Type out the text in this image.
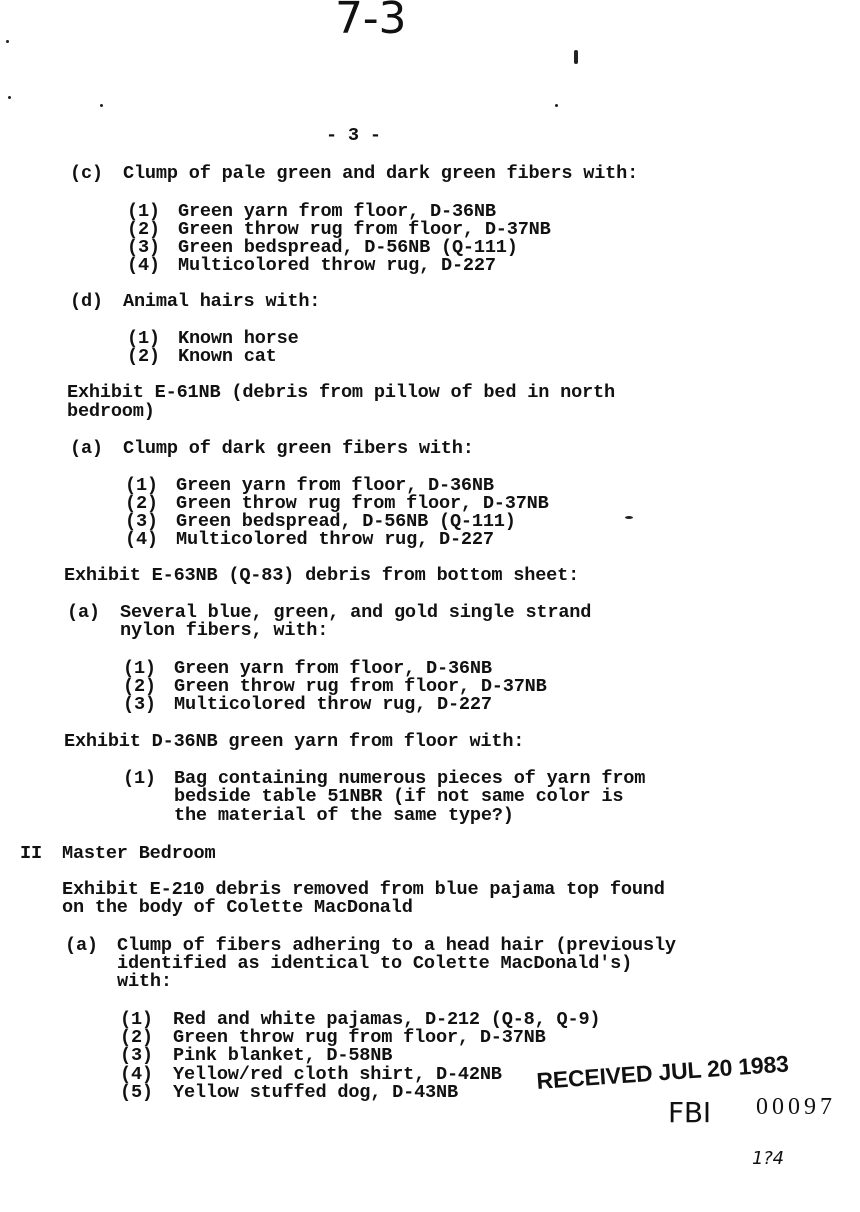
7-3
- 3 -
(c) Clump of pale green and dark green fibers with:
(1) Green yarn from floor, D-36NB
(2) Green throw rug from floor, D-37NB
(3) Green bedspread, D-56NB (Q-111)
(4) Multicolored throw rug, D-227
(d) Animal hairs with:
(1) Known horse
(2) Known cat
Exhibit E-61NB (debris from pillow of bed in north
bedroom)
(a) Clump of dark green fibers with:
(1) Green yarn from floor, D-36NB
(2) Green throw rug from floor, D-37NB
(3) Green bedspread, D-56NB (Q-111)
(4) Multicolored throw rug, D-227
Exhibit E-63NB (Q-83) debris from bottom sheet:
(a) Several blue, green, and gold single strand
nylon fibers, with:
(1) Green yarn from floor, D-36NB
(2) Green throw rug from floor, D-37NB
(3) Multicolored throw rug, D-227
Exhibit D-36NB green yarn from floor with:
(1) Bag containing numerous pieces of yarn from
bedside table 51NBR (if not same color is
the material of the same type?)
II Master Bedroom
Exhibit E-210 debris removed from blue pajama top found
on the body of Colette MacDonald
(a) Clump of fibers adhering to a head hair (previously
identified as identical to Colette MacDonald's)
with:
(1) Red and white pajamas, D-212 (Q-8, Q-9)
(2) Green throw rug from floor, D-37NB
(3) Pink blanket, D-58NB
(4) Yellow/red cloth shirt, D-42NB
(5) Yellow stuffed dog, D-43NB	RECEIVED JUL 20 1983
FBI 00097
1?4
